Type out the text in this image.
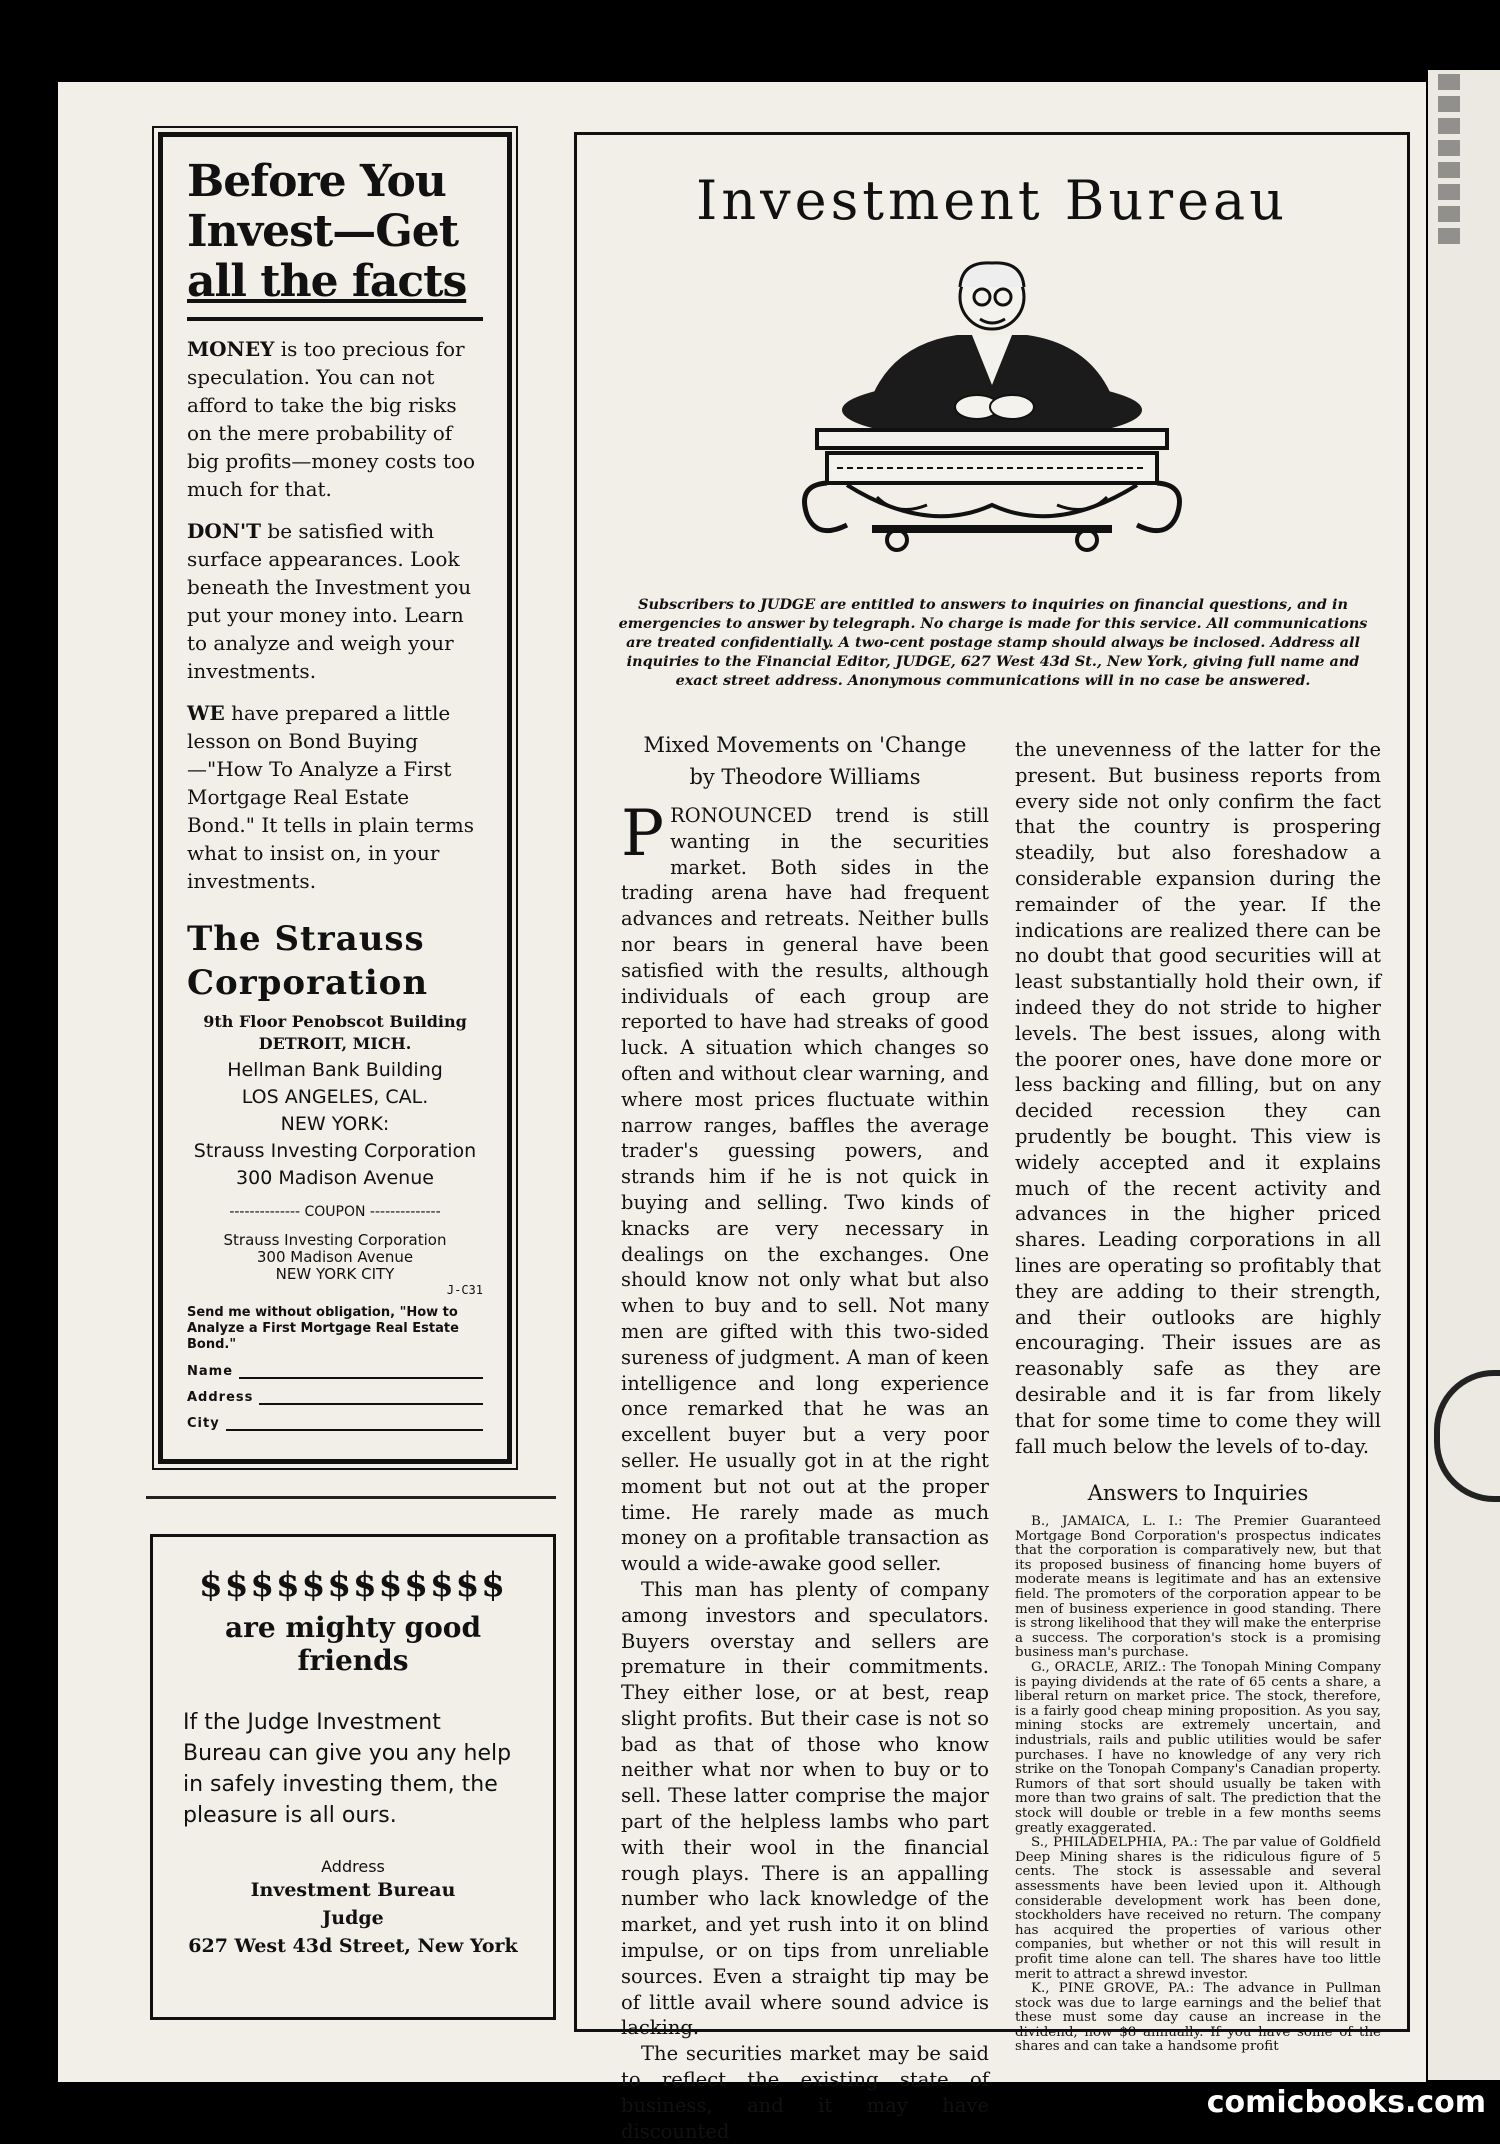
Before You
Invest—Get
all the facts

MONEY is too precious for speculation. You can not afford to take the big risks on the mere probability of big profits—money costs too much for that.

DON'T be satisfied with surface appearances. Look beneath the Investment you put your money into. Learn to analyze and weigh your investments.

WE have prepared a little lesson on Bond Buying—"How To Analyze a First Mortgage Real Estate Bond." It tells in plain terms what to insist on, in your investments.

The Strauss
Corporation
9th Floor Penobscot Building
DETROIT, MICH.
Hellman Bank Building
LOS ANGELES, CAL.
NEW YORK:
Strauss Investing Corporation
300 Madison Avenue
-------------- COUPON --------------
Strauss Investing Corporation
300 Madison Avenue
NEW YORK CITY
J-C31
Send me without obligation, "How to Analyze a First Mortgage Real Estate Bond."
Name
Address
City
$$$$$$$$$$$$
are mighty good friends
If the Judge Investment Bureau can give you any help in safely investing them, the pleasure is all ours.
Address
Investment Bureau
Judge
627 West 43d Street, New York
Investment Bureau
Subscribers to JUDGE are entitled to answers to inquiries on financial questions, and in emergencies to answer by telegraph. No charge is made for this service. All communications are treated confidentially. A two-cent postage stamp should always be inclosed. Address all inquiries to the Financial Editor, JUDGE, 627 West 43d St., New York, giving full name and exact street address. Anonymous communications will in no case be answered.
Mixed Movements on 'Change
by Theodore Williams

PRONOUNCED trend is still wanting in the securities market. Both sides in the trading arena have had frequent advances and retreats. Neither bulls nor bears in general have been satisfied with the results, although individuals of each group are reported to have had streaks of good luck. A situation which changes so often and without clear warning, and where most prices fluctuate within narrow ranges, baffles the average trader's guessing powers, and strands him if he is not quick in buying and selling. Two kinds of knacks are very necessary in dealings on the exchanges. One should know not only what but also when to buy and to sell. Not many men are gifted with this two-sided sureness of judgment. A man of keen intelligence and long experience once remarked that he was an excellent buyer but a very poor seller. He usually got in at the right moment but not out at the proper time. He rarely made as much money on a profitable transaction as would a wide-awake good seller.

This man has plenty of company among investors and speculators. Buyers overstay and sellers are premature in their commitments. They either lose, or at best, reap slight profits. But their case is not so bad as that of those who know neither what nor when to buy or to sell. These latter comprise the major part of the helpless lambs who part with their wool in the financial rough plays. There is an appalling number who lack knowledge of the market, and yet rush into it on blind impulse, or on tips from unreliable sources. Even a straight tip may be of little avail where sound advice is lacking.

The securities market may be said to reflect the existing state of business, and it may have discounted

the unevenness of the latter for the present. But business reports from every side not only confirm the fact that the country is prospering steadily, but also foreshadow a considerable expansion during the remainder of the year. If the indications are realized there can be no doubt that good securities will at least substantially hold their own, if indeed they do not stride to higher levels. The best issues, along with the poorer ones, have done more or less backing and filling, but on any decided recession they can prudently be bought. This view is widely accepted and it explains much of the recent activity and advances in the higher priced shares. Leading corporations in all lines are operating so profitably that they are adding to their strength, and their outlooks are highly encouraging. Their issues are as reasonably safe as they are desirable and it is far from likely that for some time to come they will fall much below the levels of to-day.

Answers to Inquiries

B., JAMAICA, L. I.: The Premier Guaranteed Mortgage Bond Corporation's prospectus indicates that the corporation is comparatively new, but that its proposed business of financing home buyers of moderate means is legitimate and has an extensive field. The promoters of the corporation appear to be men of business experience in good standing. There is strong likelihood that they will make the enterprise a success. The corporation's stock is a promising business man's purchase.

G., ORACLE, ARIZ.: The Tonopah Mining Company is paying dividends at the rate of 65 cents a share, a liberal return on market price. The stock, therefore, is a fairly good cheap mining proposition. As you say, mining stocks are extremely uncertain, and industrials, rails and public utilities would be safer purchases. I have no knowledge of any very rich strike on the Tonopah Company's Canadian property. Rumors of that sort should usually be taken with more than two grains of salt. The prediction that the stock will double or treble in a few months seems greatly exaggerated.

S., PHILADELPHIA, PA.: The par value of Goldfield Deep Mining shares is the ridiculous figure of 5 cents. The stock is assessable and several assessments have been levied upon it. Although considerable development work has been done, stockholders have received no return. The company has acquired the properties of various other companies, but whether or not this will result in profit time alone can tell. The shares have too little merit to attract a shrewd investor.

K., PINE GROVE, PA.: The advance in Pullman stock was due to large earnings and the belief that these must some day cause an increase in the dividend, now $8 annually. If you have some of the shares and can take a handsome profit

comicbooks.com
